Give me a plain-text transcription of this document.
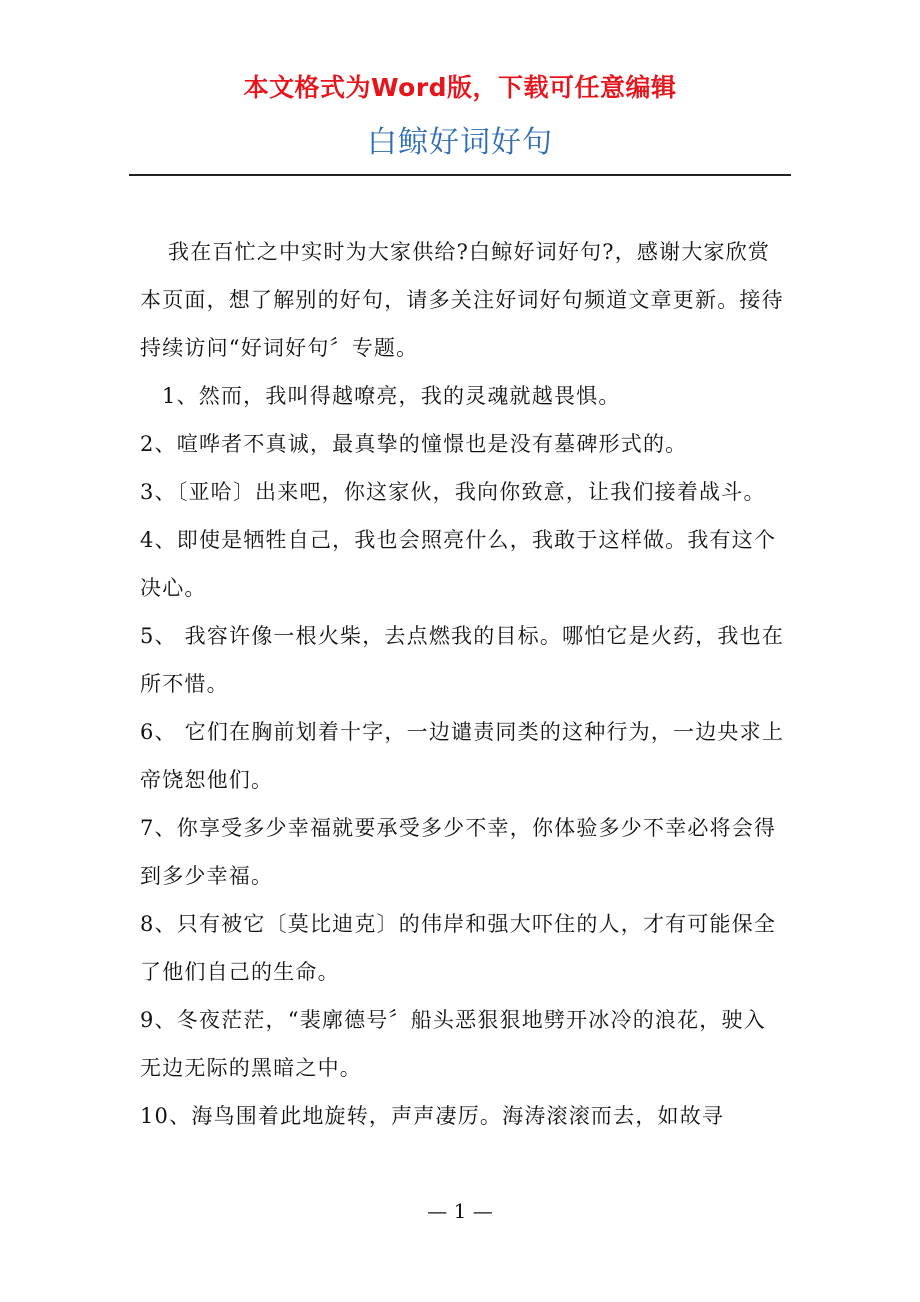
本文格式为Word版，下载可任意编辑
白鲸好词好句

我在百忙之中实时为大家供给?白鲸好词好句?，感谢大家欣赏本页面，想了解别的好句，请多关注好词好句频道文章更新。接待持续访问“好词好句〞专题。

1、然而，我叫得越嘹亮，我的灵魂就越畏惧。

2、喧哗者不真诚，最真挚的憧憬也是没有墓碑形式的。

3、〔亚哈〕出来吧，你这家伙，我向你致意，让我们接着战斗。

4、即使是牺牲自己，我也会照亮什么，我敢于这样做。我有这个决心。

5、 我容许像一根火柴，去点燃我的目标。哪怕它是火药，我也在所不惜。

6、 它们在胸前划着十字，一边谴责同类的这种行为，一边央求上帝饶恕他们。

7、你享受多少幸福就要承受多少不幸，你体验多少不幸必将会得到多少幸福。

8、只有被它〔莫比迪克〕的伟岸和强大吓住的人，才有可能保全了他们自己的生命。

9、冬夜茫茫，“裴廓德号〞船头恶狠狠地劈开冰冷的浪花，驶入无边无际的黑暗之中。

10、海鸟围着此地旋转，声声凄厉。海涛滚滚而去，如故寻

— 1 —
